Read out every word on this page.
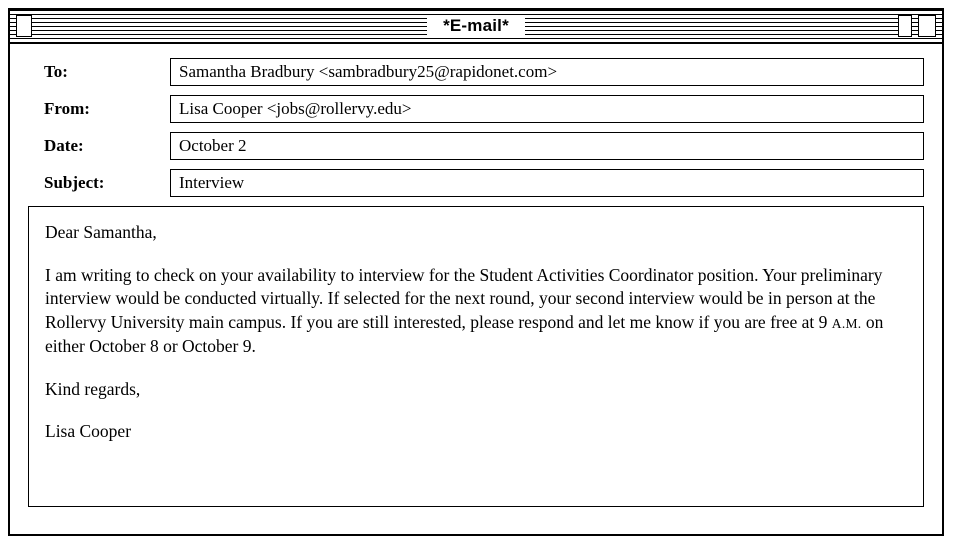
*E-mail*
To:	Samantha Bradbury <sambradbury25@rapidonet.com>
From:	Lisa Cooper <jobs@rollervy.edu>
Date:	October 2
Subject:	Interview

Dear Samantha,

I am writing to check on your availability to interview for the Student Activities Coordinator position. Your preliminary interview would be conducted virtually. If selected for the next round, your second interview would be in person at the Rollervy University main campus. If you are still interested, please respond and let me know if you are free at 9 A.M. on either October 8 or October 9.

Kind regards,

Lisa Cooper
